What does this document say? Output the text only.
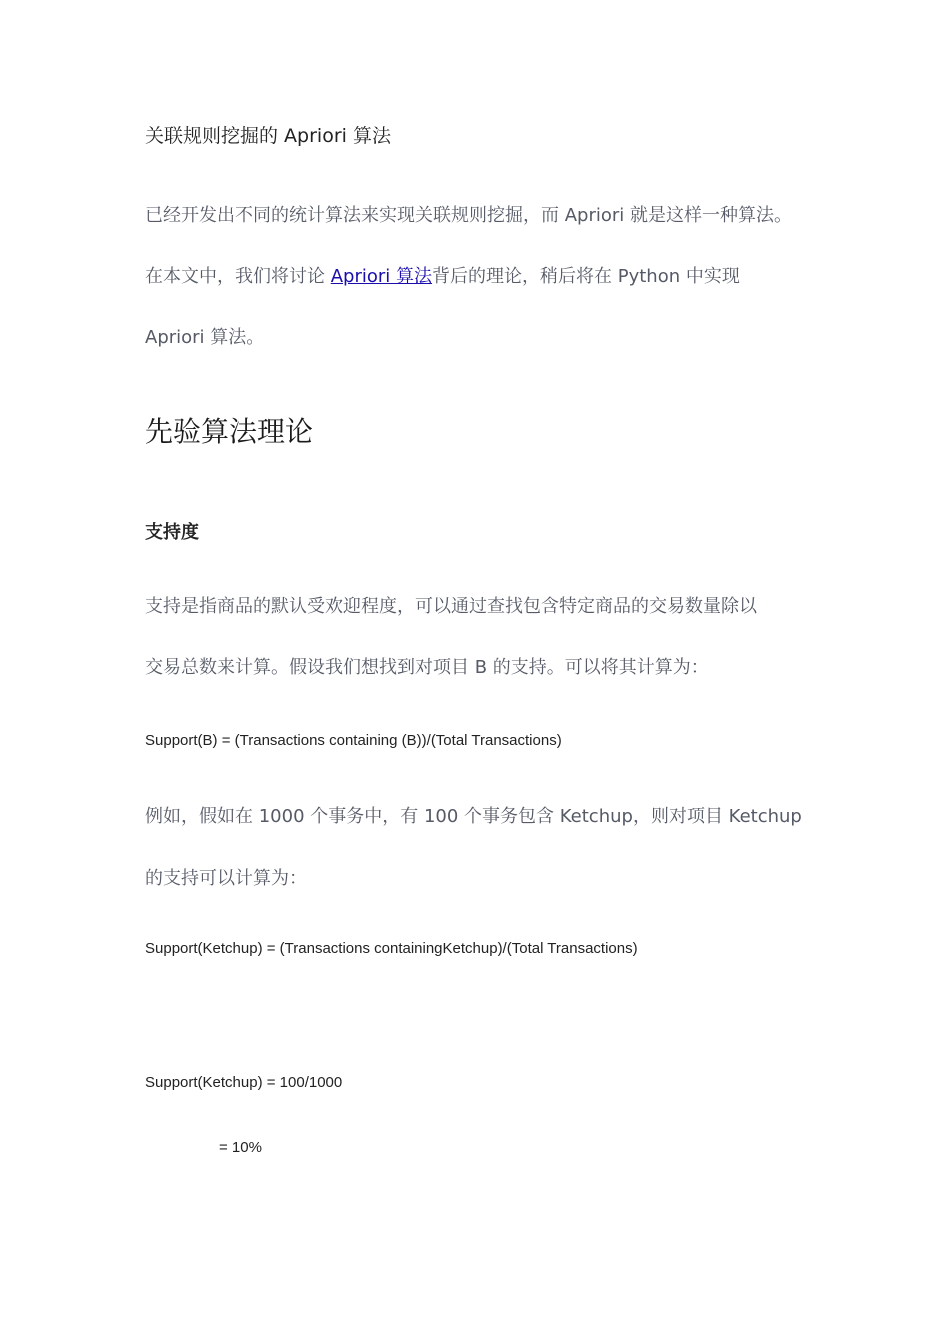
关联规则挖掘的 Apriori 算法
已经开发出不同的统计算法来实现关联规则挖掘，而 Apriori 就是这样一种算法。
在本文中，我们将讨论 Apriori 算法背后的理论，稍后将在 Python 中实现
Apriori 算法。
先验算法理论
支持度
支持是指商品的默认受欢迎程度，可以通过查找包含特定商品的交易数量除以
交易总数来计算。假设我们想找到对项目 B 的支持。可以将其计算为：
Support(B) = (Transactions containing (B))/(Total Transactions)
例如，假如在 1000 个事务中，有 100 个事务包含 Ketchup，则对项目 Ketchup
的支持可以计算为：
Support(Ketchup) = (Transactions containingKetchup)/(Total Transactions)
Support(Ketchup) = 100/1000
= 10%
